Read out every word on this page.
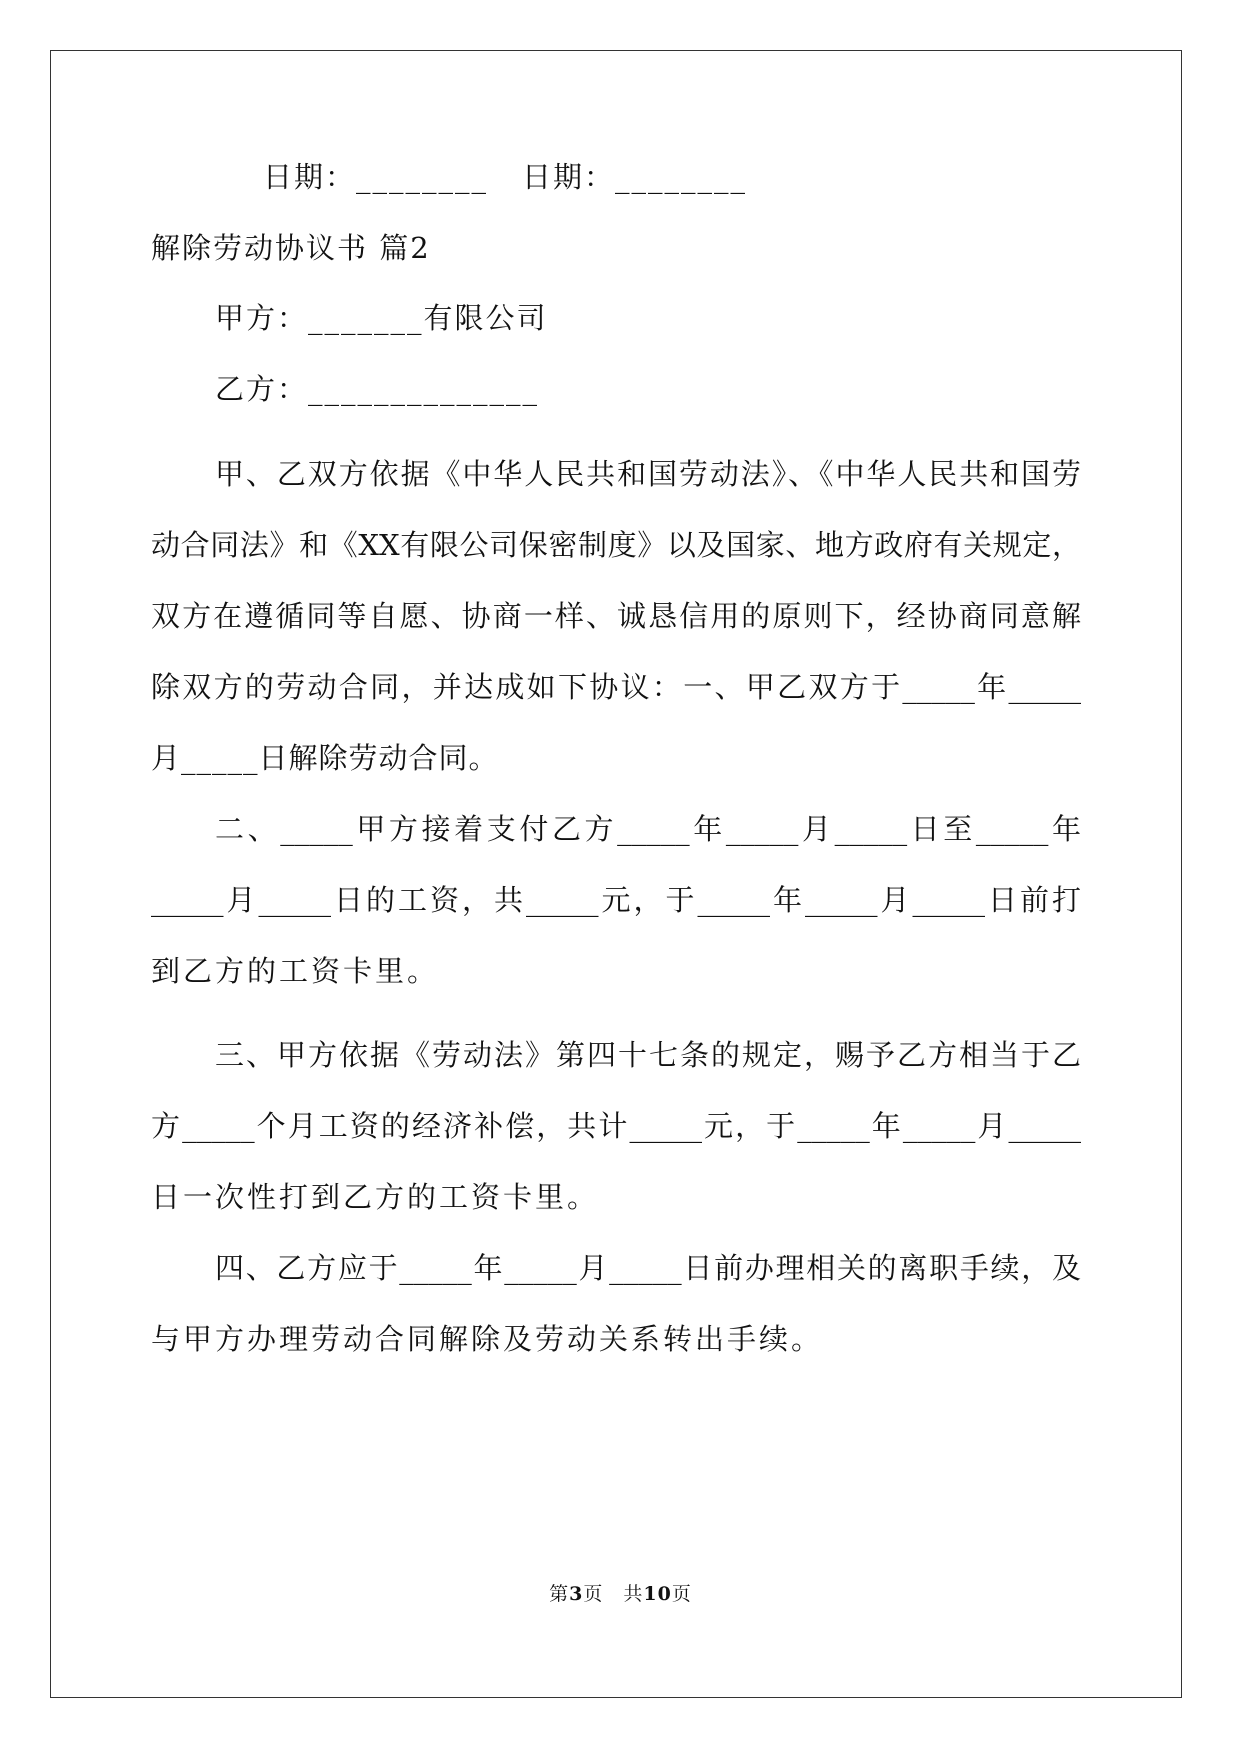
日期：________ 日期：________
解除劳动协议书 篇2
甲方：_______有限公司
乙方：______________
甲、乙双方依据《中华人民共和国劳动法》、《中华人民共和国劳
动合同法》和《XX有限公司保密制度》以及国家、地方政府有关规定，
双方在遵循同等自愿、协商一样、诚恳信用的原则下，经协商同意解
除双方的劳动合同，并达成如下协议：一、甲乙双方于_____年_____
月_____日解除劳动合同。
二、_____甲方接着支付乙方_____年_____月_____日至_____年
_____月_____日的工资，共_____元，于_____年_____月_____日前打
到乙方的工资卡里。
三、甲方依据《劳动法》第四十七条的规定，赐予乙方相当于乙
方_____个月工资的经济补偿，共计_____元，于_____年_____月_____
日一次性打到乙方的工资卡里。
四、乙方应于_____年_____月_____日前办理相关的离职手续，及
与甲方办理劳动合同解除及劳动关系转出手续。
第3页 共10页
